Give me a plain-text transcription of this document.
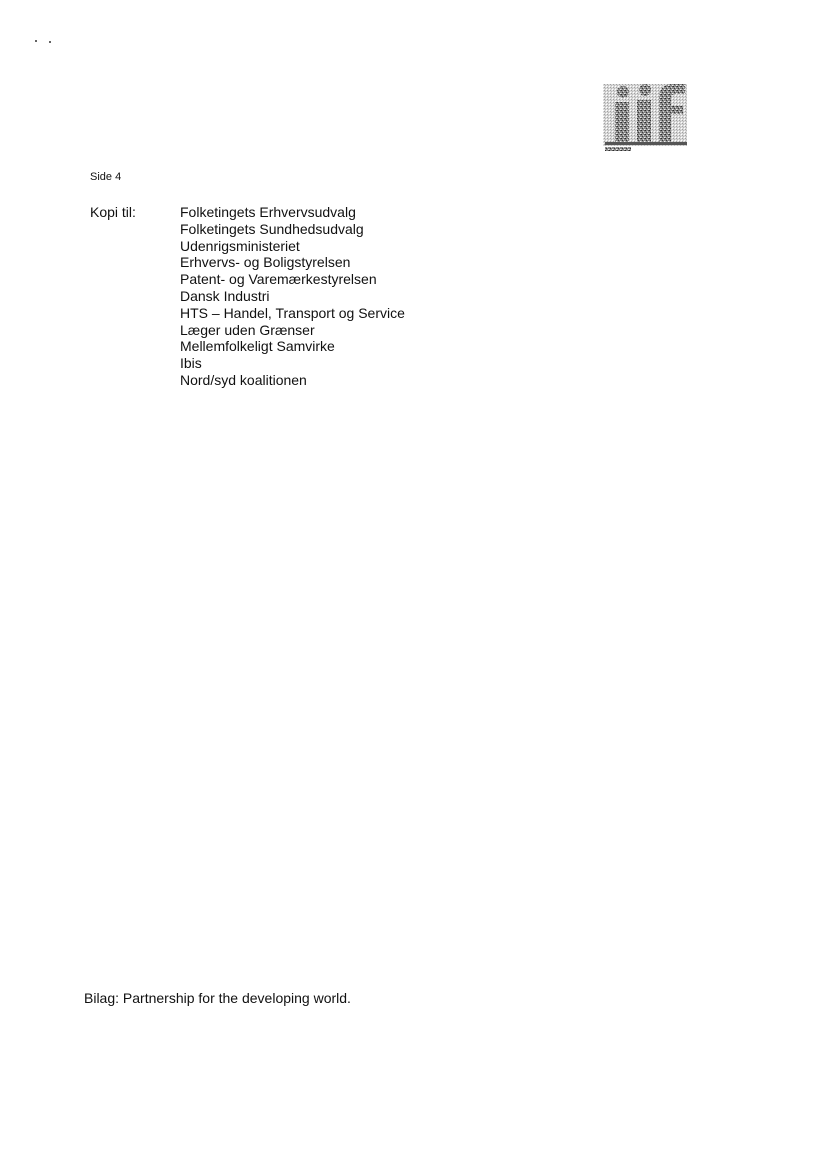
Side 4
Kopi til:	Folketingets Erhvervsudvalg
Folketingets Sundhedsudvalg
Udenrigsministeriet
Erhvervs- og Boligstyrelsen
Patent- og Varemærkestyrelsen
Dansk Industri
HTS – Handel, Transport og Service
Læger uden Grænser
Mellemfolkeligt Samvirke
Ibis
Nord/syd koalitionen
Bilag: Partnership for the developing world.
